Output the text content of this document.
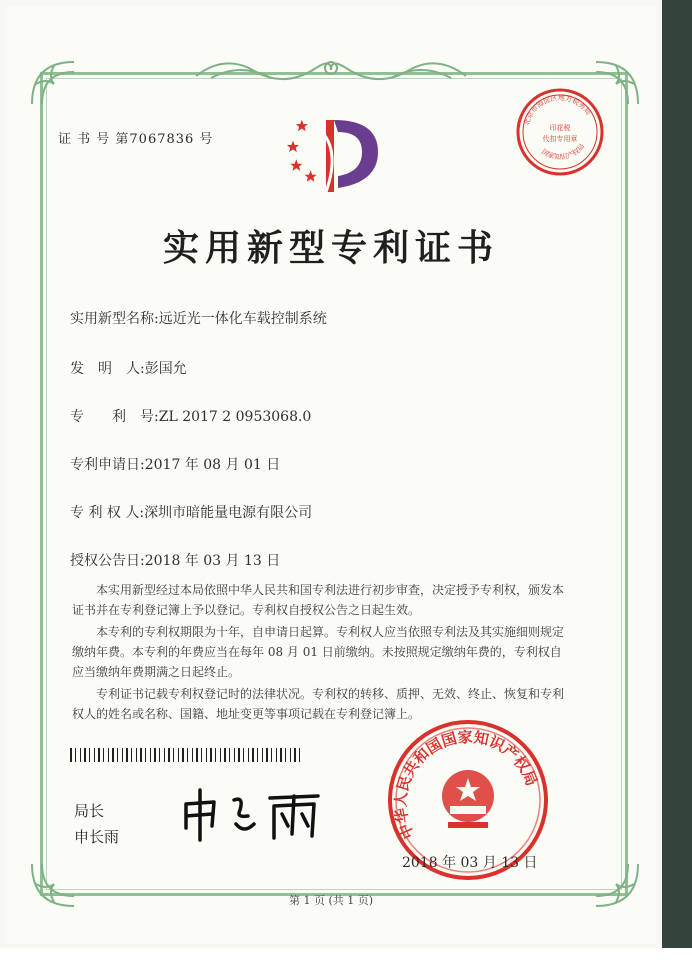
证 书 号 第7067836 号
北京市海淀区地方税务局
印花税
代扣专用章
国家知识产权局
实用新型专利证书
实用新型名称:远近光一体化车载控制系统
发　明　人:彭国允
专　　利　号:ZL 2017 2 0953068.0
专利申请日:2017 年 08 月 01 日
专 利 权 人:深圳市暗能量电源有限公司
授权公告日:2018 年 03 月 13 日
本实用新型经过本局依照中华人民共和国专利法进行初步审查，决定授予专利权，颁发本证书并在专利登记簿上予以登记。专利权自授权公告之日起生效。
本专利的专利权期限为十年，自申请日起算。专利权人应当依照专利法及其实施细则规定缴纳年费。本专利的年费应当在每年 08 月 01 日前缴纳。未按照规定缴纳年费的，专利权自应当缴纳年费期满之日起终止。
专利证书记载专利权登记时的法律状况。专利权的转移、质押、无效、终止、恢复和专利权人的姓名或名称、国籍、地址变更等事项记载在专利登记簿上。
局长
申长雨	中华人民共和国国家知识产权局
2018 年 03 月 13 日
第 1 页 (共 1 页)
